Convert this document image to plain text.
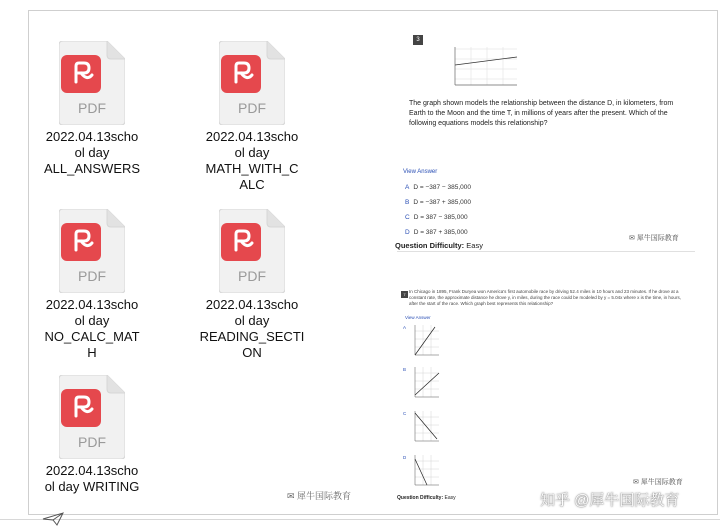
PDF
2022.04.13scho
ol day
ALL_ANSWERS
PDF
2022.04.13scho
ol day
MATH_WITH_C
ALC
PDF
2022.04.13scho
ol day
NO_CALC_MAT
H
PDF
2022.04.13scho
ol day
READING_SECTI
ON
PDF
2022.04.13scho
ol day WRITING
✉ 犀牛国际教育
3
The graph shown models the relationship between the distance D, in kilometers, from Earth to the Moon and the time T, in millions of years after the present. Which of the following equations models this relationship?
View Answer
A D = −387 − 385,000
B D = −387 + 385,000
C D = 387 − 385,000
D D = 387 + 385,000
Question Difficulty: Easy
✉ 犀牛国际教育
7
In Chicago in 1895, Frank Duryea won America's first automobile race by driving 52.4 miles in 10 hours and 23 minutes. If he drove at a constant rate, the approximate distance he drove y, in miles, during the race could be modeled by y = 5.04x where x is the time, in hours, after the start of the race. Which graph best represents this relationship?
View Answer
A
B
C
D
Question Difficulty: Easy
✉ 犀牛国际教育
知乎 @犀牛国际教育
